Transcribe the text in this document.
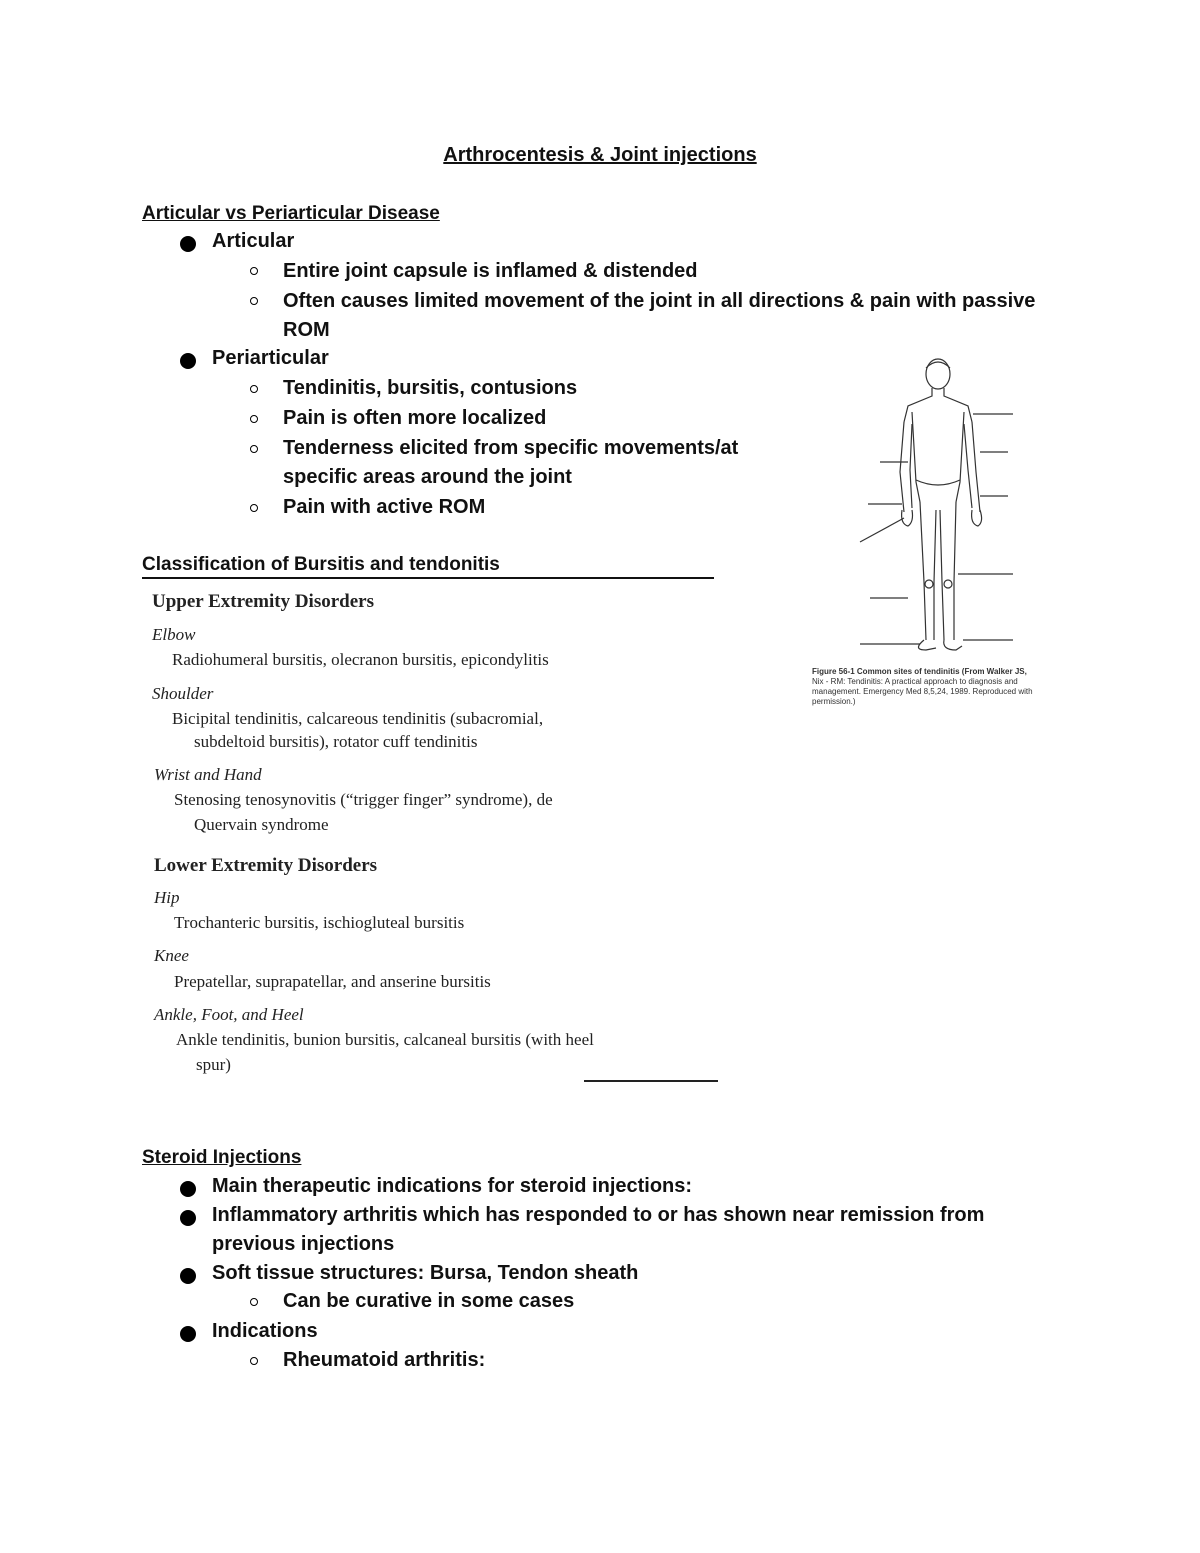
Arthrocentesis & Joint injections
Articular vs Periarticular Disease
Articular
Entire joint capsule is inflamed & distended
Often causes limited movement of the joint in all directions & pain with passive
ROM
Periarticular
Tendinitis, bursitis, contusions
Pain is often more localized
Tenderness elicited from specific movements/at
specific areas around the joint
Pain with active ROM
Classification of Bursitis and tendonitis
Upper Extremity Disorders
Elbow
Radiohumeral bursitis, olecranon bursitis, epicondylitis
Shoulder
Bicipital tendinitis, calcareous tendinitis (subacromial,
subdeltoid bursitis), rotator cuff tendinitis
Wrist and Hand
Stenosing tenosynovitis (“trigger finger” syndrome), de
Quervain syndrome
Lower Extremity Disorders
Hip
Trochanteric bursitis, ischiogluteal bursitis
Knee
Prepatellar, suprapatellar, and anserine bursitis
Ankle, Foot, and Heel
Ankle tendinitis, bunion bursitis, calcaneal bursitis (with heel
spur)
Figure 56-1 Common sites of tendinitis (From Walker JS,
Nix - RM: Tendinitis: A practical approach to diagnosis and
management. Emergency Med 8,5,24, 1989. Reproduced with
permission.)
Steroid Injections
Main therapeutic indications for steroid injections:
Inflammatory arthritis which has responded to or has shown near remission from
previous injections
Soft tissue structures: Bursa, Tendon sheath
Can be curative in some cases
Indications
Rheumatoid arthritis:
